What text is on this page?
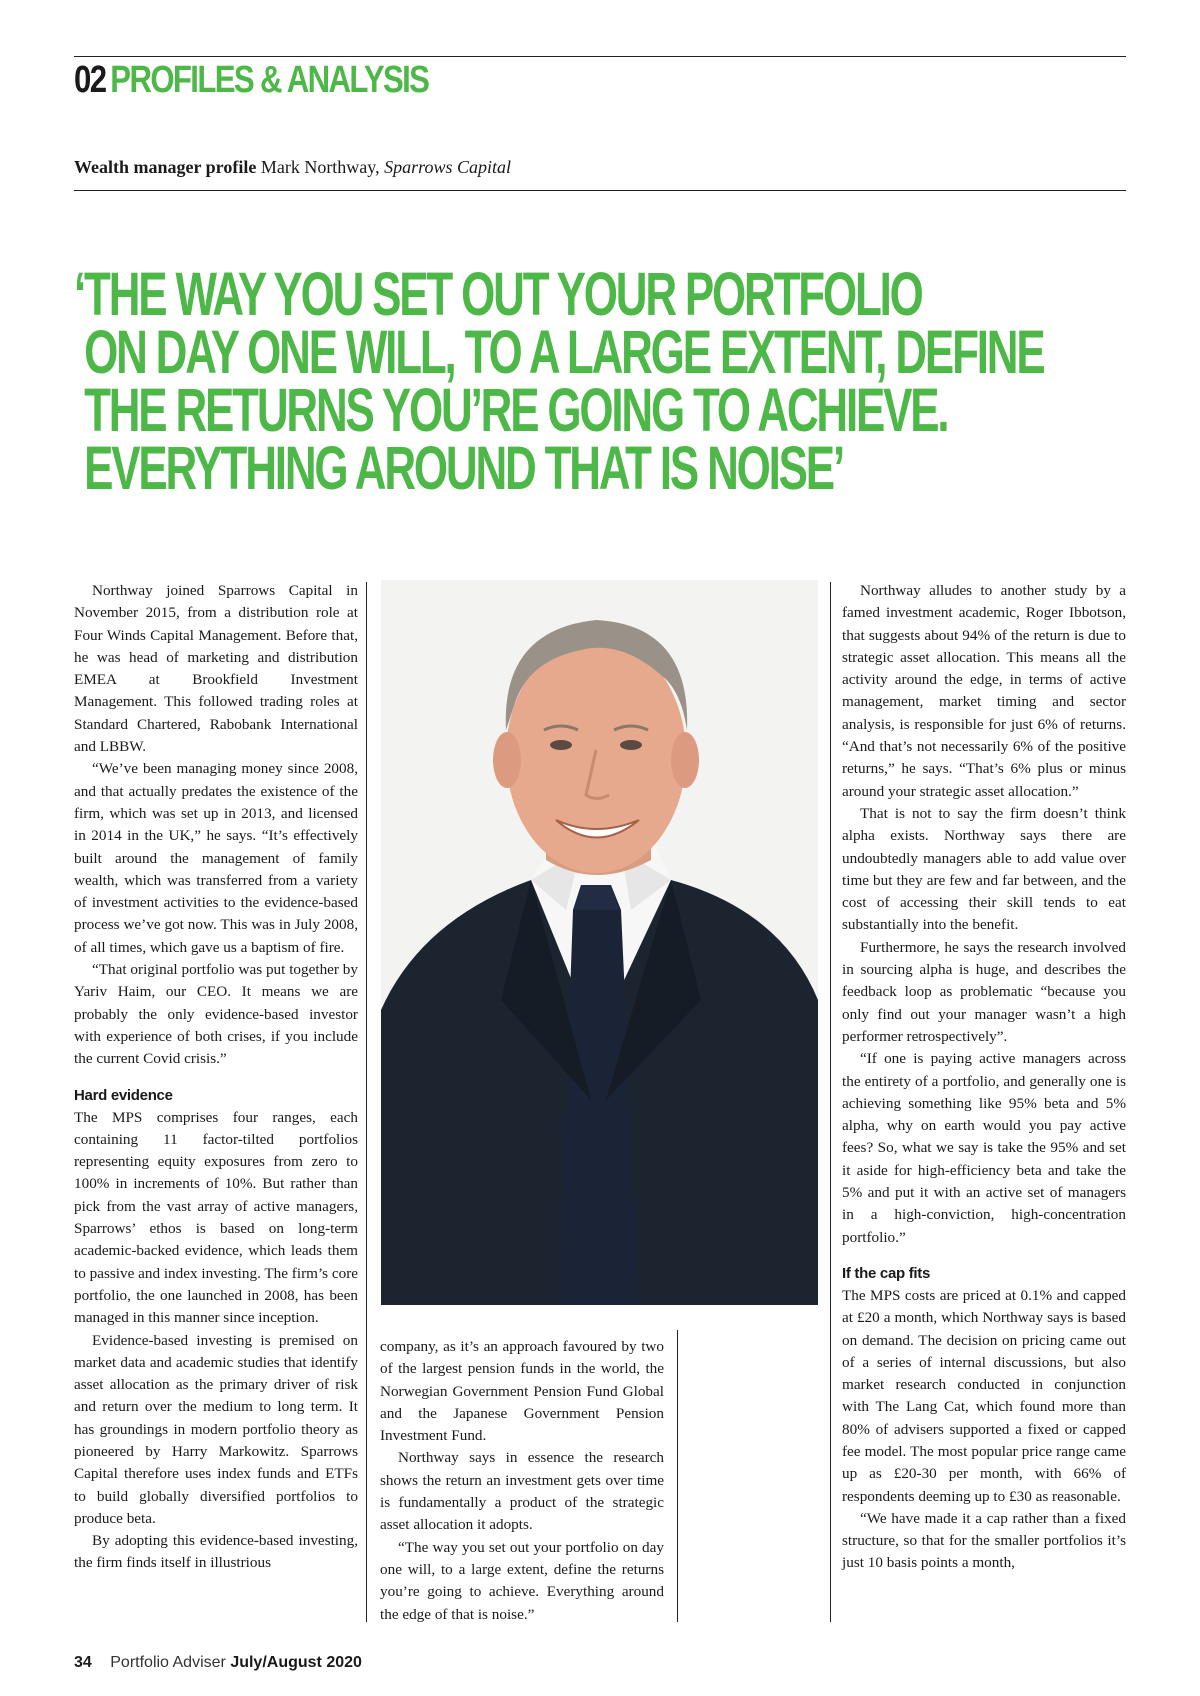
02 PROFILES & ANALYSIS
Wealth manager profile Mark Northway, Sparrows Capital
‘THE WAY YOU SET OUT YOUR PORTFOLIO
ON DAY ONE WILL, TO A LARGE EXTENT, DEFINE
THE RETURNS YOU’RE GOING TO ACHIEVE.
EVERYTHING AROUND THAT IS NOISE’

Northway joined Sparrows Capital in November 2015, from a distribution role at Four Winds Capital Management. Before that, he was head of marketing and distribution EMEA at Brookfield Investment Management. This followed trading roles at Standard Chartered, Rabobank International and LBBW.

“We’ve been managing money since 2008, and that actually predates the existence of the firm, which was set up in 2013, and licensed in 2014 in the UK,” he says. “It’s effectively built around the management of family wealth, which was transferred from a variety of investment activities to the evidence-based process we’ve got now. This was in July 2008, of all times, which gave us a baptism of fire.

“That original portfolio was put together by Yariv Haim, our CEO. It means we are probably the only evidence-based investor with experience of both crises, if you include the current Covid crisis.”

Hard evidence

The MPS comprises four ranges, each containing 11 factor-tilted portfolios representing equity exposures from zero to 100% in increments of 10%. But rather than pick from the vast array of active managers, Sparrows’ ethos is based on long-term academic-backed evidence, which leads them to passive and index investing. The firm’s core portfolio, the one launched in 2008, has been managed in this manner since inception.

Evidence-based investing is premised on market data and academic studies that identify asset allocation as the primary driver of risk and return over the medium to long term. It has groundings in modern portfolio theory as pioneered by Harry Markowitz. Sparrows Capital therefore uses index funds and ETFs to build globally diversified portfolios to produce beta.

By adopting this evidence-based investing, the firm finds itself in illustrious

company, as it’s an approach favoured by two of the largest pension funds in the world, the Norwegian Government Pension Fund Global and the Japanese Government Pension Investment Fund.

Northway says in essence the research shows the return an investment gets over time is fundamentally a product of the strategic asset allocation it adopts.

“The way you set out your portfolio on day one will, to a large extent, define the returns you’re going to achieve. Everything around the edge of that is noise.”

Northway alludes to another study by a famed investment academic, Roger Ibbotson, that suggests about 94% of the return is due to strategic asset allocation. This means all the activity around the edge, in terms of active management, market timing and sector analysis, is responsible for just 6% of returns. “And that’s not necessarily 6% of the positive returns,” he says. “That’s 6% plus or minus around your strategic asset allocation.”

That is not to say the firm doesn’t think alpha exists. Northway says there are undoubtedly managers able to add value over time but they are few and far between, and the cost of accessing their skill tends to eat substantially into the benefit.

Furthermore, he says the research involved in sourcing alpha is huge, and describes the feedback loop as problematic “because you only find out your manager wasn’t a high performer retrospectively”.

“If one is paying active managers across the entirety of a portfolio, and generally one is achieving something like 95% beta and 5% alpha, why on earth would you pay active fees? So, what we say is take the 95% and set it aside for high-efficiency beta and take the 5% and put it with an active set of managers in a high-conviction, high-concentration portfolio.”

If the cap fits

The MPS costs are priced at 0.1% and capped at £20 a month, which Northway says is based on demand. The decision on pricing came out of a series of internal discussions, but also market research conducted in conjunction with The Lang Cat, which found more than 80% of advisers supported a fixed or capped fee model. The most popular price range came up as £20-30 per month, with 66% of respondents deeming up to £30 as reasonable.

“We have made it a cap rather than a fixed structure, so that for the smaller portfolios it’s just 10 basis points a month,

34 Portfolio Adviser July/August 2020
